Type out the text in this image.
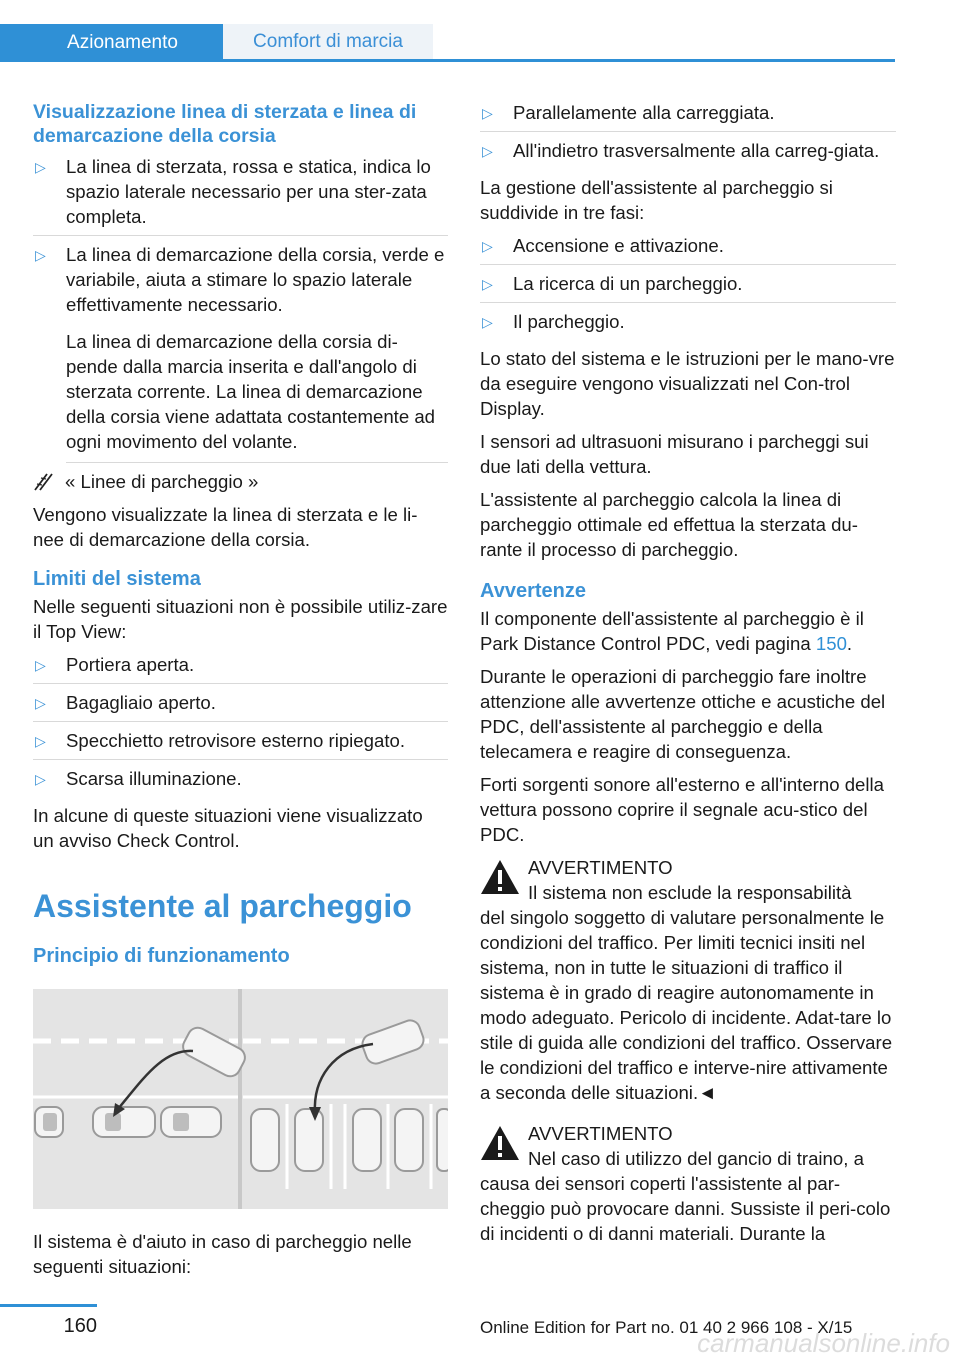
Azionamento	Comfort di marcia
Visualizzazione linea di sterzata e linea di demarcazione della corsia
▷ La linea di sterzata, rossa e statica, indica lo spazio laterale necessario per una ster-zata completa.
▷ La linea di demarcazione della corsia, verde e variabile, aiuta a stimare lo spazio laterale effettivamente necessario.

La linea di demarcazione della corsia di-pende dalla marcia inserita e dall'angolo di sterzata corrente. La linea di demarcazione della corsia viene adattata costantemente ad ogni movimento del volante.

« Linee di parcheggio »

Vengono visualizzate la linea di sterzata e le li-nee di demarcazione della corsia.

Limiti del sistema

Nelle seguenti situazioni non è possibile utiliz-zare il Top View:

▷ Portiera aperta.
▷ Bagagliaio aperto.
▷ Specchietto retrovisore esterno ripiegato.
▷ Scarsa illuminazione.

In alcune di queste situazioni viene visualizzato un avviso Check Control.

Assistente al parcheggio
Principio di funzionamento

Il sistema è d'aiuto in caso di parcheggio nelle seguenti situazioni:

▷ Parallelamente alla carreggiata.
▷ All'indietro trasversalmente alla carreg-giata.

La gestione dell'assistente al parcheggio si suddivide in tre fasi:

▷ Accensione e attivazione.
▷ La ricerca di un parcheggio.
▷ Il parcheggio.

Lo stato del sistema e le istruzioni per le mano-vre da eseguire vengono visualizzati nel Con-trol Display.

I sensori ad ultrasuoni misurano i parcheggi sui due lati della vettura.

L'assistente al parcheggio calcola la linea di parcheggio ottimale ed effettua la sterzata du-rante il processo di parcheggio.

Avvertenze

Il componente dell'assistente al parcheggio è il Park Distance Control PDC, vedi pagina 150.

Durante le operazioni di parcheggio fare inoltre attenzione alle avvertenze ottiche e acustiche del PDC, dell'assistente al parcheggio e della telecamera e reagire di conseguenza.

Forti sorgenti sonore all'esterno e all'interno della vettura possono coprire il segnale acu-stico del PDC.

AVVERTIMENTO
Il sistema non esclude la responsabilità
del singolo soggetto di valutare personalmente le condizioni del traffico. Per limiti tecnici insiti nel sistema, non in tutte le situazioni di traffico il sistema è in grado di reagire autonomamente in modo adeguato. Pericolo di incidente. Adat-tare lo stile di guida alle condizioni del traffico. Osservare le condizioni del traffico e interve-nire attivamente a seconda delle situazioni.◄
AVVERTIMENTO
Nel caso di utilizzo del gancio di traino, a
causa dei sensori coperti l'assistente al par-cheggio può provocare danni. Sussiste il peri-colo di incidenti o di danni materiali. Durante la
160	Online Edition for Part no. 01 40 2 966 108 - X/15
carmanualsonline.info
